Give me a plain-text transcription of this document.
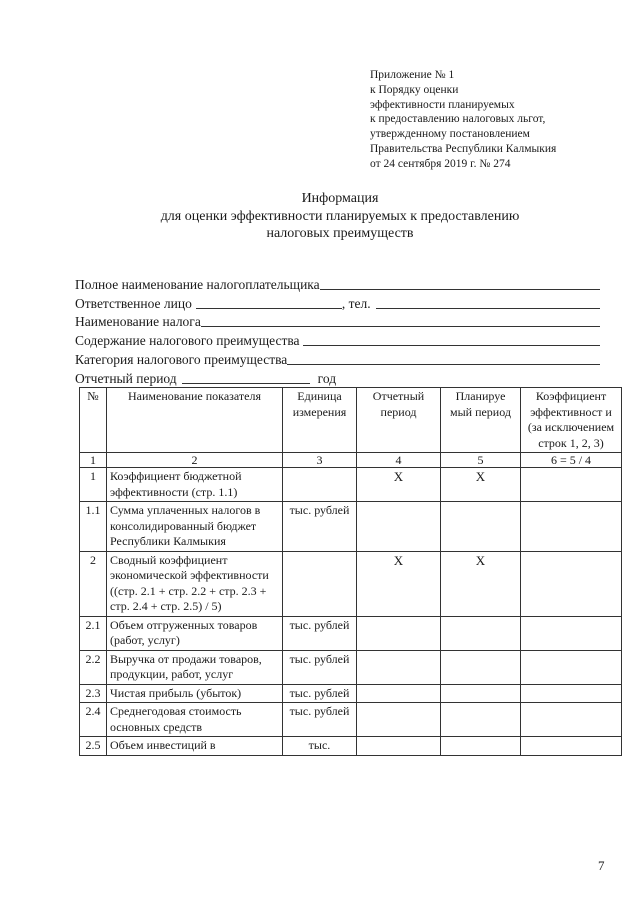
Приложение № 1
к Порядку оценки
эффективности планируемых
к предоставлению налоговых льгот,
утвержденному постановлением
Правительства Республики Калмыкия
от 24 сентября 2019 г. № 274
Информация
для оценки эффективности планируемых к предоставлению
налоговых преимуществ
Полное наименование налогоплательщика
Ответственное лицо	, тел.
Наименование налога
Содержание налогового преимущества
Категория налогового преимущества
Отчетный период	год
№	Наименование показателя	Единица измерения	Отчетный период	Планируе мый период	Коэффициент эффективност и (за исключением строк 1, 2, 3)
1	2	3	4	5	6 = 5 / 4
1	Коэффициент бюджетной эффективности (стр. 1.1)		X	X	
1.1	Сумма уплаченных налогов в консолидированный бюджет Республики Калмыкия	тыс. рублей			
2	Сводный коэффициент экономической эффективности ((стр. 2.1 + стр. 2.2 + стр. 2.3 + стр. 2.4 + стр. 2.5) / 5)		X	X	
2.1	Объем отгруженных товаров (работ, услуг)	тыс. рублей			
2.2	Выручка от продажи товаров, продукции, работ, услуг	тыс. рублей			
2.3	Чистая прибыль (убыток)	тыс. рублей			
2.4	Среднегодовая стоимость основных средств	тыс. рублей			
2.5	Объем инвестиций в	тыс.			
7
